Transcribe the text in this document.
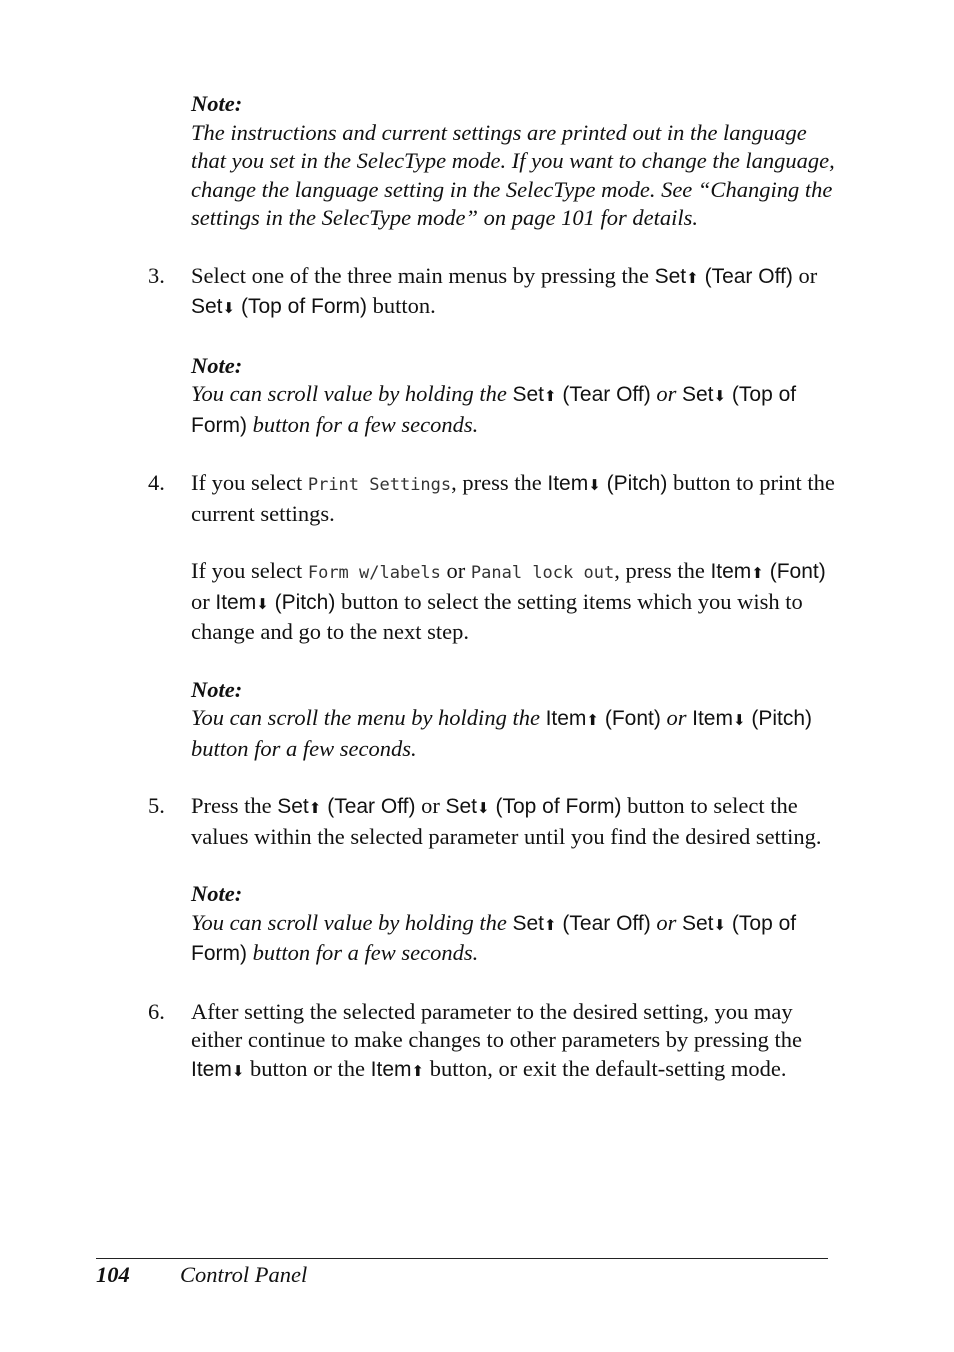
Note:
The instructions and current settings are printed out in the language that you set in the SelecType mode. If you want to change the language, change the language setting in the SelecType mode. See “Changing the settings in the SelecType mode” on page 101 for details.
3.	Select one of the three main menus by pressing the Set⬆ (Tear Off) or Set⬇ (Top of Form) button.
Note:
You can scroll value by holding the Set⬆ (Tear Off) or Set⬇ (Top of Form) button for a few seconds.
4.	If you select Print Settings, press the Item⬇ (Pitch) button to print the current settings.
If you select Form w/labels or Panal lock out, press the Item⬆ (Font) or Item⬇ (Pitch) button to select the setting items which you wish to change and go to the next step.
Note:
You can scroll the menu by holding the Item⬆ (Font) or Item⬇ (Pitch) button for a few seconds.
5.	Press the Set⬆ (Tear Off) or Set⬇ (Top of Form) button to select the values within the selected parameter until you find the desired setting.
Note:
You can scroll value by holding the Set⬆ (Tear Off) or Set⬇ (Top of Form) button for a few seconds.
6.	After setting the selected parameter to the desired setting, you may either continue to make changes to other parameters by pressing the Item⬇ button or the Item⬆ button, or exit the default-setting mode.
104 Control Panel
